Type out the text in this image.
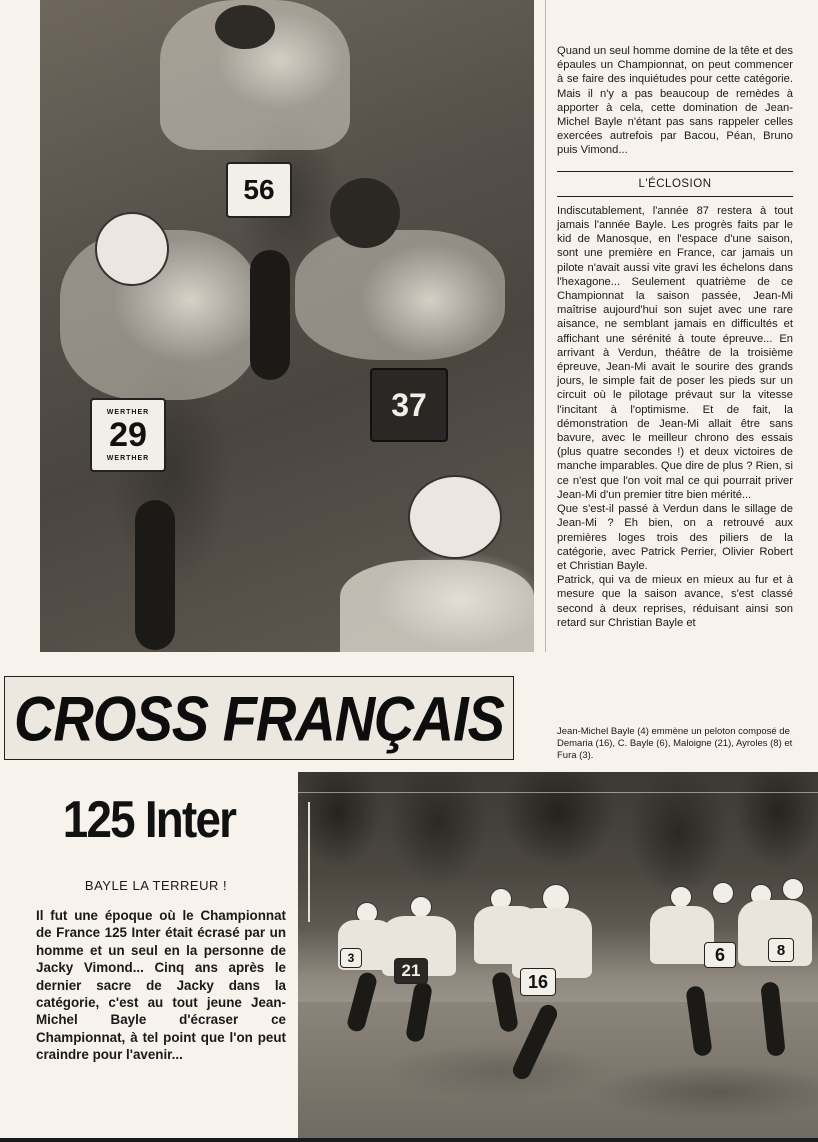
56
37
WERTHER
29
WERTHER

Quand un seul homme domine de la tête et des épaules un Championnat, on peut commencer à se faire des inquiétudes pour cette catégorie. Mais il n'y a pas beaucoup de remèdes à apporter à cela, cette domination de Jean-Michel Bayle n'étant pas sans rappeler celles exercées autrefois par Bacou, Péan, Bruno puis Vimond...

L'ÉCLOSION

Indiscutablement, l'année 87 restera à tout jamais l'année Bayle. Les progrès faits par le kid de Manosque, en l'espace d'une saison, sont une première en France, car jamais un pilote n'avait aussi vite gravi les échelons dans l'hexagone... Seulement quatrième de ce Championnat la saison passée, Jean-Mi maîtrise aujourd'hui son sujet avec une rare aisance, ne semblant jamais en difficultés et affichant une sérénité à toute épreuve... En arrivant à Verdun, théâtre de la troisième épreuve, Jean-Mi avait le sourire des grands jours, le simple fait de poser les pieds sur un circuit où le pilotage prévaut sur la vitesse l'incitant à l'optimisme. Et de fait, la démonstration de Jean-Mi allait être sans bavure, avec le meilleur chrono des essais (plus quatre secondes !) et deux victoires de manche imparables. Que dire de plus ? Rien, si ce n'est que l'on voit mal ce qui pourrait priver Jean-Mi d'un premier titre bien mérité...

Que s'est-il passé à Verdun dans le sillage de Jean-Mi ? Eh bien, on a retrouvé aux premières loges trois des piliers de la catégorie, avec Patrick Perrier, Olivier Robert et Christian Bayle.

Patrick, qui va de mieux en mieux au fur et à mesure que la saison avance, s'est classé second à deux reprises, réduisant ainsi son retard sur Christian Bayle et

CROSS FRANÇAIS	Jean-Michel Bayle (4) emmène un peloton composé de Demaria (16), C. Bayle (6), Maloigne (21), Ayroles (8) et Fura (3).
125 Inter
BAYLE LA TERREUR !

Il fut une époque où le Championnat de France 125 Inter était écrasé par un homme et un seul en la personne de Jacky Vimond... Cinq ans après le dernier sacre de Jacky dans la catégorie, c'est au tout jeune Jean-Michel Bayle d'écraser ce Championnat, à tel point que l'on peut craindre pour l'avenir...

16
21
6	8
3
